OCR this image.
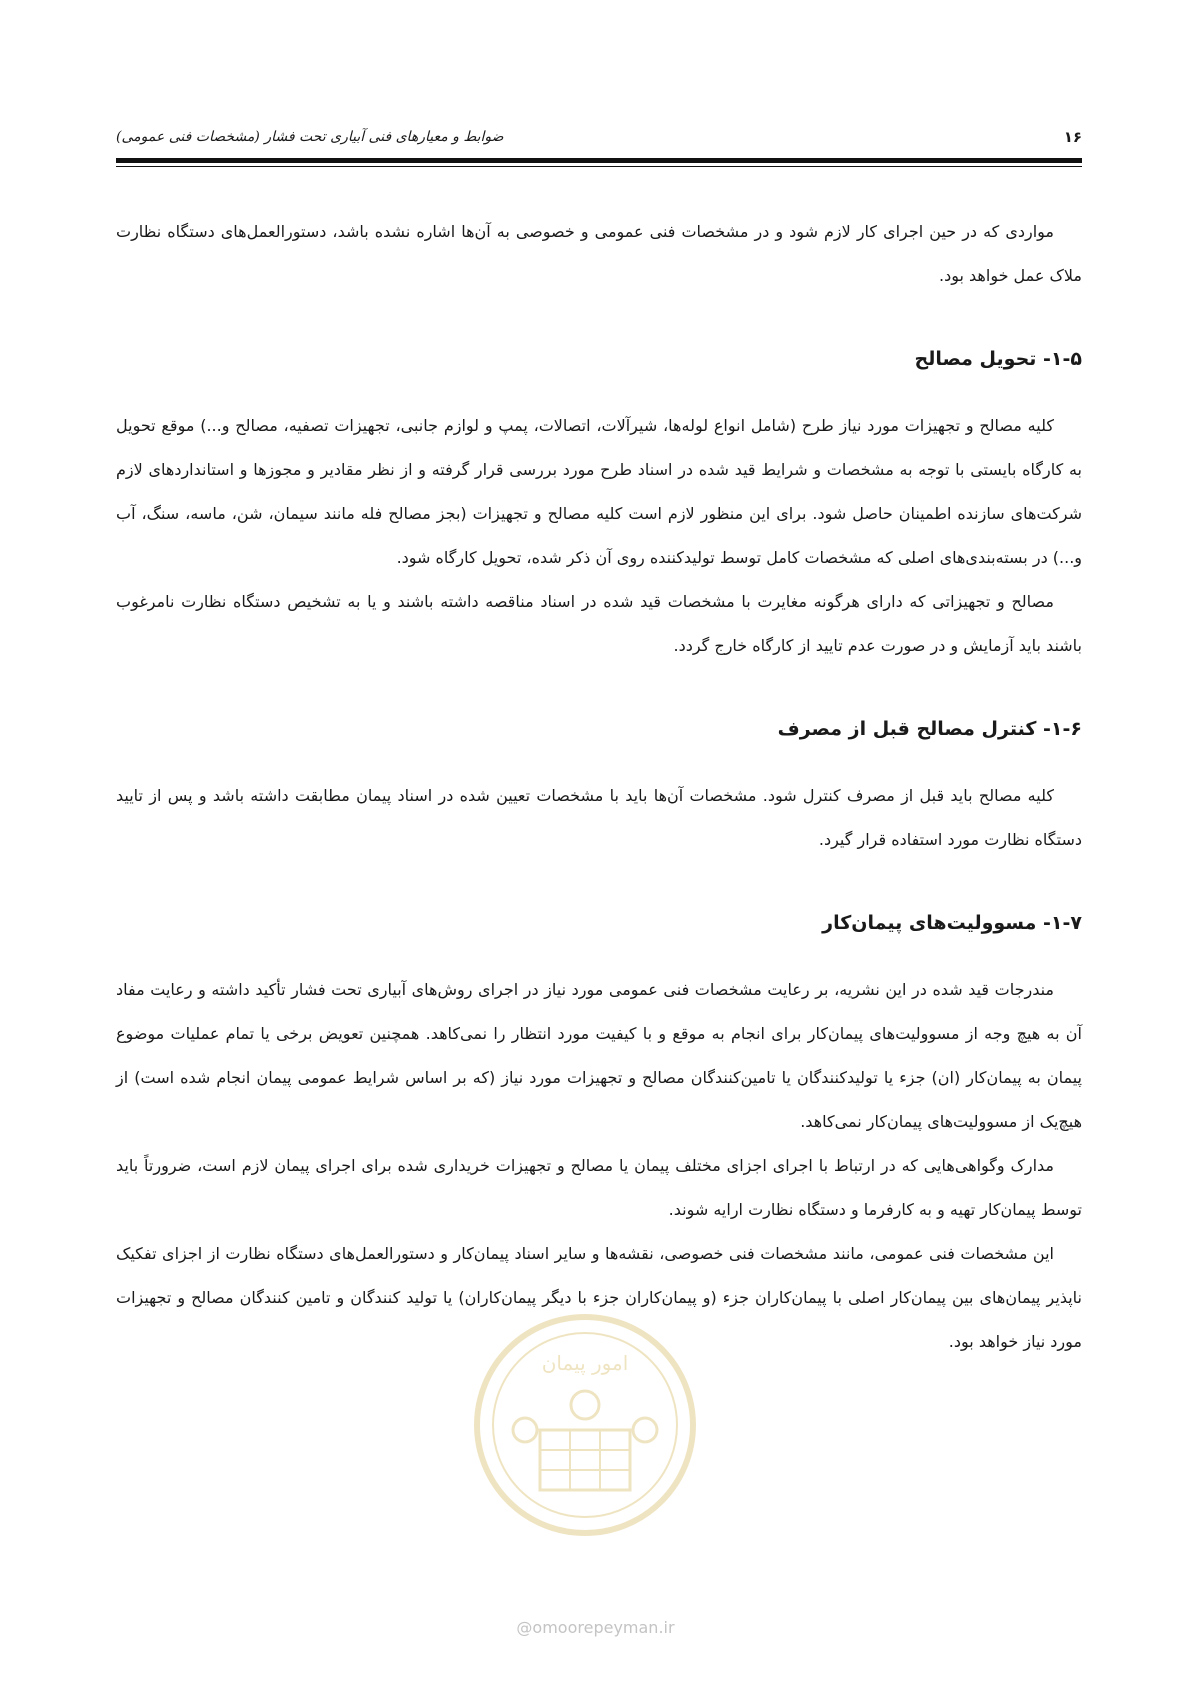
۱۶
ضوابط و معیارهای فنی آبیاری تحت فشار (مشخصات فنی عمومی)

مواردی که در حین اجرای کار لازم شود و در مشخصات فنی عمومی و خصوصی به آن‌ها اشاره نشده باشد، دستورالعمل‌های دستگاه نظارت ملاک عمل خواهد بود.

۱-۵- تحویل مصالح

کلیه مصالح و تجهیزات مورد نیاز طرح (شامل انواع لوله‌ها، شیرآلات، اتصالات، پمپ و لوازم جانبی، تجهیزات تصفیه، مصالح و...) موقع تحویل به کارگاه بایستی با توجه به مشخصات و شرایط قید شده در اسناد طرح مورد بررسی قرار گرفته و از نظر مقادیر و مجوزها و استانداردهای لازم شرکت‌های سازنده اطمینان حاصل شود. برای این منظور لازم است کلیه مصالح و تجهیزات (بجز مصالح فله مانند سیمان، شن، ماسه، سنگ، آب و...) در بسته‌بندی‌های اصلی که مشخصات کامل توسط تولیدکننده روی آن ذکر شده، تحویل کارگاه شود.

مصالح و تجهیزاتی که دارای هرگونه مغایرت با مشخصات قید شده در اسناد مناقصه داشته باشند و یا به تشخیص دستگاه نظارت نامرغوب باشند باید آزمایش و در صورت عدم تایید از کارگاه خارج گردد.

۱-۶- کنترل مصالح قبل از مصرف

کلیه مصالح باید قبل از مصرف کنترل شود. مشخصات آن‌ها باید با مشخصات تعیین شده در اسناد پیمان مطابقت داشته باشد و پس از تایید دستگاه نظارت مورد استفاده قرار گیرد.

۱-۷- مسوولیت‌های پیمان‌کار

مندرجات قید شده در این نشریه، بر رعایت مشخصات فنی عمومی مورد نیاز در اجرای روش‌های آبیاری تحت فشار تأکید داشته و رعایت مفاد آن به هیچ وجه از مسوولیت‌های پیمان‌کار برای انجام به موقع و با کیفیت مورد انتظار را نمی‌کاهد. همچنین تعویض برخی یا تمام عملیات موضوع پیمان به پیمان‌کار (ان) جزء یا تولیدکنندگان یا تامین‌کنندگان مصالح و تجهیزات مورد نیاز (که بر اساس شرایط عمومی پیمان انجام شده است) از هیچ‌یک از مسوولیت‌های پیمان‌کار نمی‌کاهد.

مدارک وگواهی‌هایی که در ارتباط با اجرای اجزای مختلف پیمان یا مصالح و تجهیزات خریداری شده برای اجرای پیمان لازم است، ضرورتاً باید توسط پیمان‌کار تهیه و به کارفرما و دستگاه نظارت ارایه شوند.

این مشخصات فنی عمومی، مانند مشخصات فنی خصوصی، نقشه‌ها و سایر اسناد پیمان‌کار و دستورالعمل‌های دستگاه نظارت از اجزای تفکیک ناپذیر پیمان‌های بین پیمان‌کار اصلی با پیمان‌کاران جزء (و پیمان‌کاران جزء با دیگر پیمان‌کاران) یا تولید کنندگان و تامین کنندگان مصالح و تجهیزات مورد نیاز خواهد بود.

امور پیمان
@omoorepeyman.ir
